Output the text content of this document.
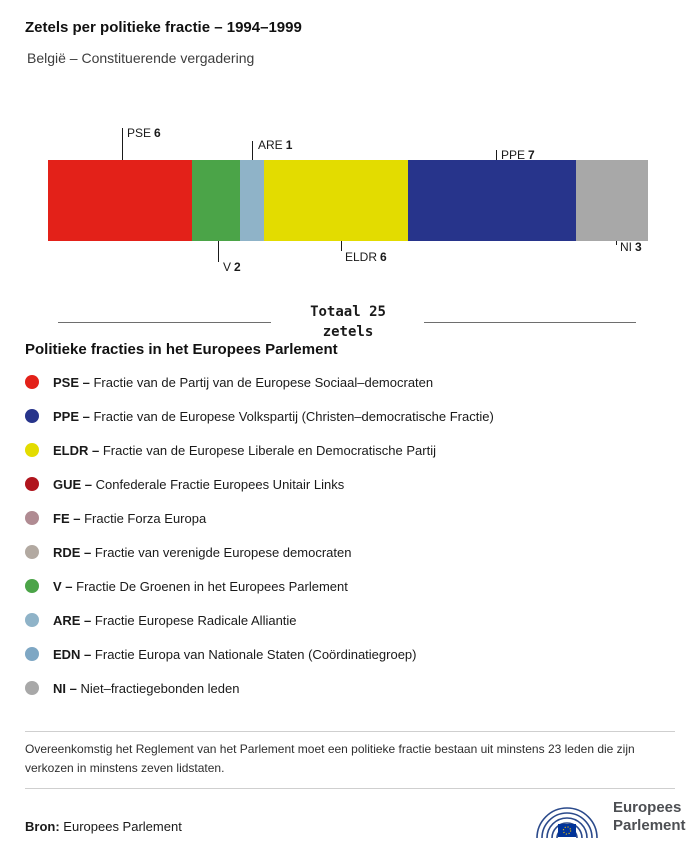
Zetels per politieke fractie – 1994–1999
België – Constituerende vergadering
PSE 6
ARE 1
PPE 7
V 2
ELDR 6
NI 3
Totaal 25
zetels
Politieke fracties in het Europees Parlement
PSE – Fractie van de Partij van de Europese Sociaal–democraten
PPE – Fractie van de Europese Volkspartij (Christen–democratische Fractie)
ELDR – Fractie van de Europese Liberale en Democratische Partij
GUE – Confederale Fractie Europees Unitair Links
FE – Fractie Forza Europa
RDE – Fractie van verenigde Europese democraten
V – Fractie De Groenen in het Europees Parlement
ARE – Fractie Europese Radicale Alliantie
EDN – Fractie Europa van Nationale Staten (Coördinatiegroep)
NI – Niet–fractiegebonden leden
Overeenkomstig het Reglement van het Parlement moet een politieke fractie bestaan uit minstens 23 leden die zijn verkozen in minstens zeven lidstaten.
Bron: Europees Parlement
Europees
Parlement
